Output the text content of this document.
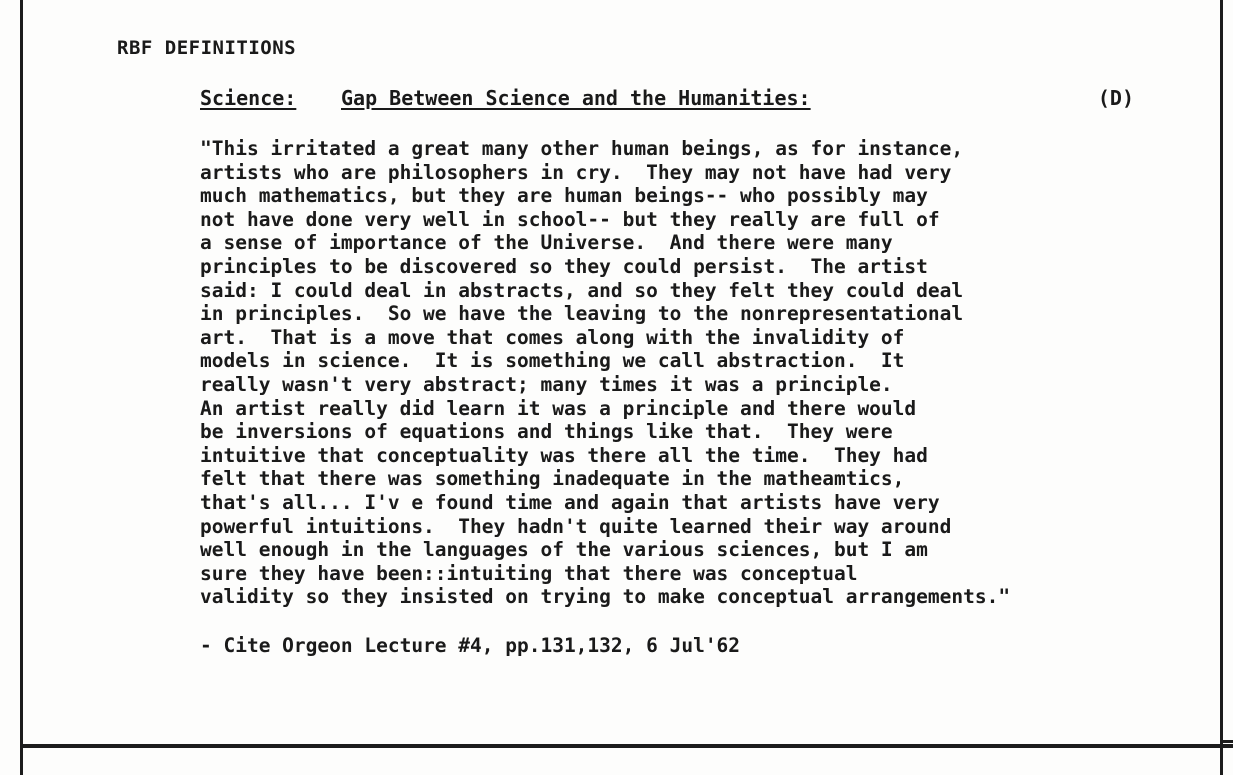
RBF DEFINITIONS

Science:

Gap Between Science and the Humanities:

	(D)

"This irritated a great many other human beings, as for instance,
artists who are philosophers in cry.  They may not have had very
much mathematics, but they are human beings-- who possibly may
not have done very well in school-- but they really are full of
a sense of importance of the Universe.  And there were many
principles to be discovered so they could persist.  The artist
said: I could deal in abstracts, and so they felt they could deal
in principles.  So we have the leaving to the nonrepresentational
art.  That is a move that comes along with the invalidity of
models in science.  It is something we call abstraction.  It
really wasn't very abstract; many times it was a principle.
An artist really did learn it was a principle and there would
be inversions of equations and things like that.  They were
intuitive that conceptuality was there all the time.  They had
felt that there was something inadequate in the matheamtics,
that's all... I'v e found time and again that artists have very
powerful intuitions.  They hadn't quite learned their way around
well enough in the languages of the various sciences, but I am
sure they have been::intuiting that there was conceptual
validity so they insisted on trying to make conceptual arrangements."
- Cite Orgeon Lecture #4, pp.131,132, 6 Jul'62
